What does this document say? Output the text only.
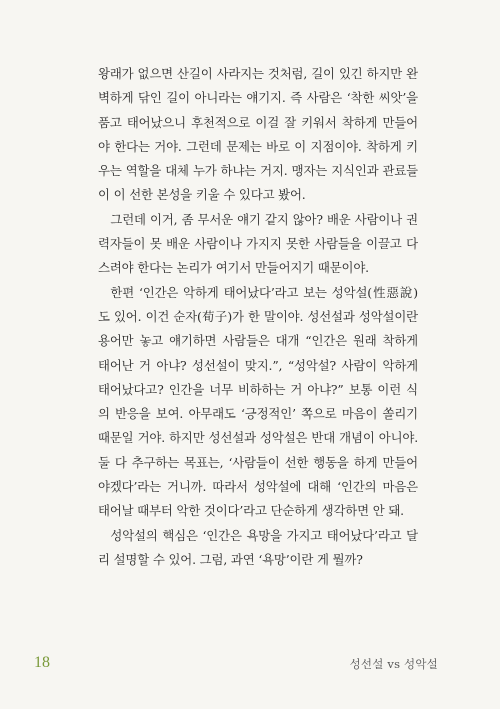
왕래가 없으면 산길이 사라지는 것처럼, 길이 있긴 하지만 완벽하게 닦인 길이 아니라는 얘기지. 즉 사람은 ‘착한 씨앗’을 품고 태어났으니 후천적으로 이걸 잘 키워서 착하게 만들어야 한다는 거야. 그런데 문제는 바로 이 지점이야. 착하게 키우는 역할을 대체 누가 하냐는 거지. 맹자는 지식인과 관료들이 이 선한 본성을 키울 수 있다고 봤어.

그런데 이거, 좀 무서운 얘기 같지 않아? 배운 사람이나 권력자들이 못 배운 사람이나 가지지 못한 사람들을 이끌고 다스려야 한다는 논리가 여기서 만들어지기 때문이야.

한편 ‘인간은 악하게 태어났다’라고 보는 성악설(性惡說)도 있어. 이건 순자(荀子)가 한 말이야. 성선설과 성악설이란 용어만 놓고 얘기하면 사람들은 대개 “인간은 원래 착하게 태어난 거 아냐? 성선설이 맞지.”, “성악설? 사람이 악하게 태어났다고? 인간을 너무 비하하는 거 아냐?” 보통 이런 식의 반응을 보여. 아무래도 ‘긍정적인’ 쪽으로 마음이 쏠리기 때문일 거야. 하지만 성선설과 성악설은 반대 개념이 아니야. 둘 다 추구하는 목표는, ‘사람들이 선한 행동을 하게 만들어야겠다’라는 거니까. 따라서 성악설에 대해 ‘인간의 마음은 태어날 때부터 악한 것이다’라고 단순하게 생각하면 안 돼.

성악설의 핵심은 ‘인간은 욕망을 가지고 태어났다’라고 달리 설명할 수 있어. 그럼, 과연 ‘욕망’이란 게 뭘까?

18	성선설 vs 성악설
